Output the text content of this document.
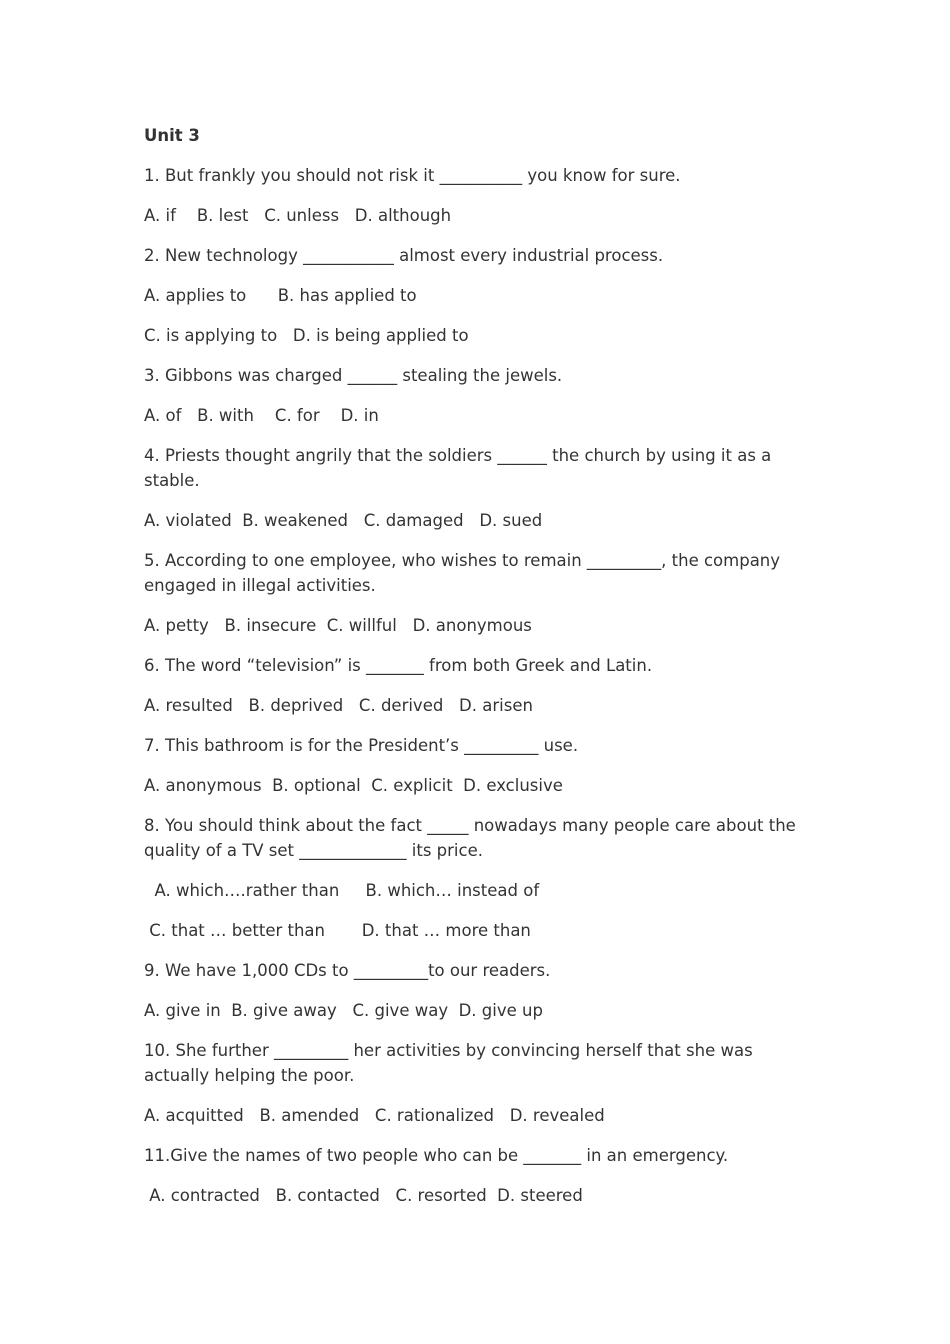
Unit 3
1. But frankly you should not risk it __________ you know for sure.
A. if    B. lest   C. unless   D. although
2. New technology ___________ almost every industrial process.
A. applies to      B. has applied to
C. is applying to   D. is being applied to
3. Gibbons was charged ______ stealing the jewels.
A. of   B. with    C. for    D. in
4. Priests thought angrily that the soldiers ______ the church by using it as a stable.
A. violated  B. weakened   C. damaged   D. sued
5. According to one employee, who wishes to remain _________, the company engaged in illegal activities.
A. petty   B. insecure  C. willful   D. anonymous
6. The word “television” is _______ from both Greek and Latin.
A. resulted   B. deprived   C. derived   D. arisen
7. This bathroom is for the President’s _________ use.
A. anonymous  B. optional  C. explicit  D. exclusive
8. You should think about the fact _____ nowadays many people care about the quality of a TV set _____________ its price.
A. which….rather than     B. which… instead of
C. that … better than       D. that … more than
9. We have 1,000 CDs to _________to our readers.
A. give in  B. give away   C. give way  D. give up
10. She further _________ her activities by convincing herself that she was actually helping the poor.
A. acquitted   B. amended   C. rationalized   D. revealed
11.Give the names of two people who can be _______ in an emergency.
A. contracted   B. contacted   C. resorted  D. steered
